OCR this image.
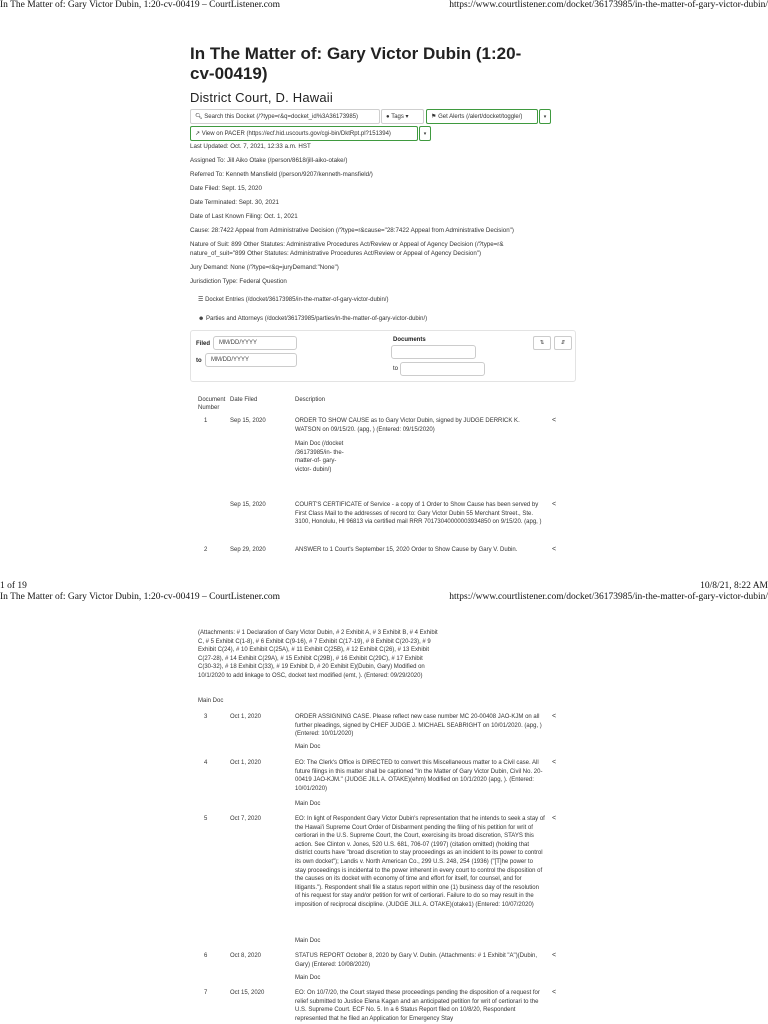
In The Matter of: Gary Victor Dubin, 1:20-cv-00419 – CourtListener.com	https://www.courtlistener.com/docket/36173985/in-the-matter-of-gary-victor-dubin/
In The Matter of: Gary Victor Dubin (1:20-cv-00419)
District Court, D. Hawaii
🔍︎ Search this Docket (/?type=r&q=docket_id%3A36173985)	● Tags ▾	⚑ Get Alerts (/alert/docket/toggle/)	▾
↗ View on PACER (https://ecf.hid.uscourts.gov/cgi-bin/DktRpt.pl?151394)	▾
Last Updated: Oct. 7, 2021, 12:33 a.m. HST
Assigned To: Jill Aiko Otake (/person/8618/jill-aiko-otake/)
Referred To: Kenneth Mansfield (/person/9207/kenneth-mansfield/)
Date Filed: Sept. 15, 2020
Date Terminated: Sept. 30, 2021
Date of Last Known Filing: Oct. 1, 2021
Cause: 28:7422 Appeal from Administrative Decision (/?type=r&cause="28:7422 Appeal from Administrative Decision")
Nature of Suit: 899 Other Statutes: Administrative Procedures Act/Review or Appeal of Agency Decision (/?type=r&
nature_of_suit="899 Other Statutes: Administrative Procedures Act/Review or Appeal of Agency Decision")
Jury Demand: None (/?type=r&q=juryDemand:"None")
Jurisdiction Type: Federal Question
☰ Docket Entries (/docket/36173985/in-the-matter-of-gary-victor-dubin/)
☻ Parties and Attorneys (/docket/36173985/parties/in-the-matter-of-gary-victor-dubin/)
Filed	MM/DD/YYYY
to	MM/DD/YYYY
Documents
to
⇅	⇵
Document
Number
Date Filed	Description
1	Sep 15, 2020	ORDER TO SHOW CAUSE as to Gary Victor Dubin, signed by JUDGE DERRICK K. WATSON on 09/15/20. (apg, ) (Entered: 09/15/2020)
<
Main Doc (/docket /36173985/in- the-matter-of- gary-victor- dubin/)
Sep 15, 2020	COURT'S CERTIFICATE of Service - a copy of 1 Order to Show Cause has been served by First Class Mail to the addresses of record to: Gary Victor Dubin 55 Merchant Street., Ste. 3100, Honolulu, HI 96813 via certified mail RRR 70173040000003934850 on 9/15/20. (apg, )
<
2	Sep 29, 2020	ANSWER to 1 Court's September 15, 2020 Order to Show Cause by Gary V. Dubin.	<
1 of 19	10/8/21, 8:22 AM
In The Matter of: Gary Victor Dubin, 1:20-cv-00419 – CourtListener.com	https://www.courtlistener.com/docket/36173985/in-the-matter-of-gary-victor-dubin/
(Attachments: # 1 Declaration of Gary Victor Dubin, # 2 Exhibit A, # 3 Exhibit B, # 4 Exhibit C, # 5 Exhibit C(1-8), # 6 Exhibit C(9-16), # 7 Exhibit C(17-19), # 8 Exhibit C(20-23), # 9 Exhibit C(24), # 10 Exhibit C(25A), # 11 Exhibit C(25B), # 12 Exhibit C(26), # 13 Exhibit C(27-28), # 14 Exhibit C(29A), # 15 Exhibit C(29B), # 16 Exhibit C(29C), # 17 Exhibit C(30-32), # 18 Exhibit C(33), # 19 Exhibit D, # 20 Exhibit E)(Dubin, Gary) Modified on 10/1/2020 to add linkage to OSC, docket text modified (emt, ). (Entered: 09/29/2020)
Main Doc
3	Oct 1, 2020	ORDER ASSIGNING CASE. Please reflect new case number MC 20-00408 JAO-KJM on all further pleadings, signed by CHIEF JUDGE J. MICHAEL SEABRIGHT on 10/01/2020. (apg, ) (Entered: 10/01/2020)
<
Main Doc
4	Oct 1, 2020	EO: The Clerk's Office is DIRECTED to convert this Miscellaneous matter to a Civil case. All future filings in this matter shall be captioned "In the Matter of Gary Victor Dubin, Civil No. 20-00419 JAO-KJM." (JUDGE JILL A. OTAKE)(ehm) Modified on 10/1/2020 (apg, ). (Entered: 10/01/2020)
<
Main Doc
5	Oct 7, 2020	EO: In light of Respondent Gary Victor Dubin's representation that he intends to seek a stay of the Hawai'i Supreme Court Order of Disbarment pending the filing of his petition for writ of certiorari in the U.S. Supreme Court, the Court, exercising its broad discretion, STAYS this action. See Clinton v. Jones, 520 U.S. 681, 706-07 (1997) (citation omitted) (holding that district courts have "broad discretion to stay proceedings as an incident to its power to control its own docket"); Landis v. North American Co., 299 U.S. 248, 254 (1936) ("[T]he power to stay proceedings is incidental to the power inherent in every court to control the disposition of the causes on its docket with economy of time and effort for itself, for counsel, and for litigants."). Respondent shall file a status report within one (1) business day of the resolution of his request for stay and/or petition for writ of certiorari. Failure to do so may result in the imposition of reciprocal discipline. (JUDGE JILL A. OTAKE)(otake1) (Entered: 10/07/2020)
<
Main Doc
6	Oct 8, 2020	STATUS REPORT October 8, 2020 by Gary V. Dubin. (Attachments: # 1 Exhibit "A")(Dubin, Gary) (Entered: 10/08/2020)
<
Main Doc
7	Oct 15, 2020	EO: On 10/7/20, the Court stayed these proceedings pending the disposition of a request for relief submitted to Justice Elena Kagan and an anticipated petition for writ of certiorari to the U.S. Supreme Court. ECF No. 5. In a 6 Status Report filed on 10/8/20, Respondent represented that he filed an Application for Emergency Stay
<
